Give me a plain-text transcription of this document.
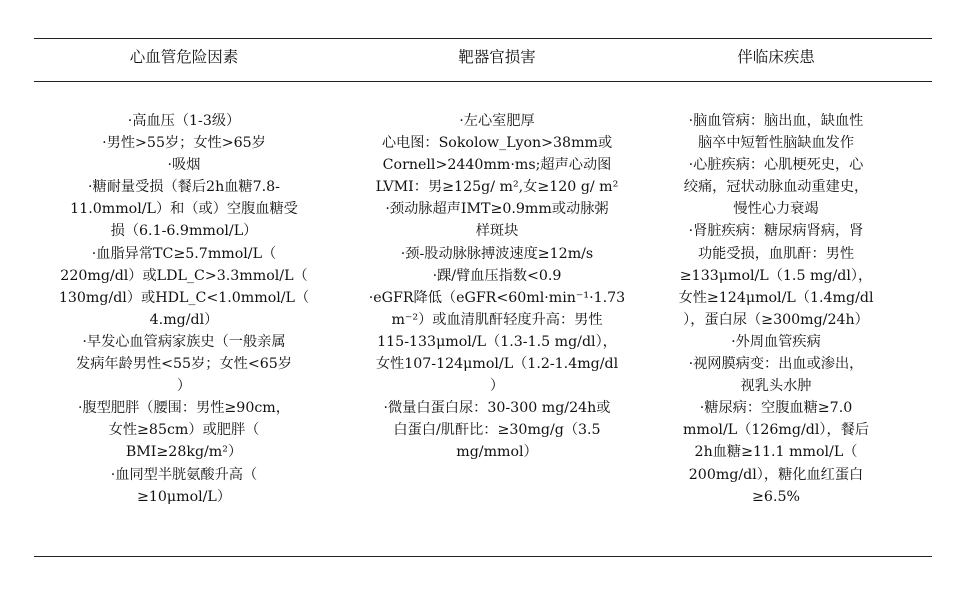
心血管危险因素	靶器官损害	伴临床疾患
·高血压（1-3级）
·男性>55岁；女性>65岁
·吸烟
·糖耐量受损（餐后2h血糖7.8-
11.0mmol/L）和（或）空腹血糖受
损（6.1-6.9mmol/L）
·血脂异常TC≥5.7mmol/L（
220mg/dl）或LDL_C>3.3mmol/L（
130mg/dl）或HDL_C<1.0mmol/L（
4.mg/dl）
·早发心血管病家族史（一般亲属
发病年龄男性<55岁；女性<65岁
）
·腹型肥胖（腰围：男性≥90cm，
女性≥85cm）或肥胖（
BMI≥28kg/m²）
·血同型半胱氨酸升高（
≥10μmol/L）
·左心室肥厚
心电图：Sokolow_Lyon>38mm或
Cornell>2440mm·ms;超声心动图
LVMI：男≥125g/ m²,女≥120 g/ m²
·颈动脉超声IMT≥0.9mm或动脉粥
样斑块
·颈-股动脉脉搏波速度≥12m/s
·踝/臂血压指数<0.9
·eGFR降低（eGFR<60ml·min⁻¹·1.73
m⁻²）或血清肌酐轻度升高：男性
115-133μmol/L（1.3-1.5 mg/dl），
女性107-124μmol/L（1.2-1.4mg/dl
）
·微量白蛋白尿：30-300 mg/24h或
白蛋白/肌酐比：≥30mg/g（3.5
mg/mmol）
·脑血管病：脑出血，缺血性
脑卒中短暂性脑缺血发作
·心脏疾病：心肌梗死史，心
绞痛，冠状动脉血动重建史，
慢性心力衰竭
·肾脏疾病：糖尿病肾病，肾
功能受损，血肌酐：男性
≥133μmol/L（1.5 mg/dl），
女性≥124μmol/L（1.4mg/dl
），蛋白尿（≥300mg/24h）
·外周血管疾病
·视网膜病变：出血或渗出，
视乳头水肿
·糖尿病：空腹血糖≥7.0
mmol/L（126mg/dl），餐后
2h血糖≥11.1 mmol/L（
200mg/dl），糖化血红蛋白
≥6.5%
